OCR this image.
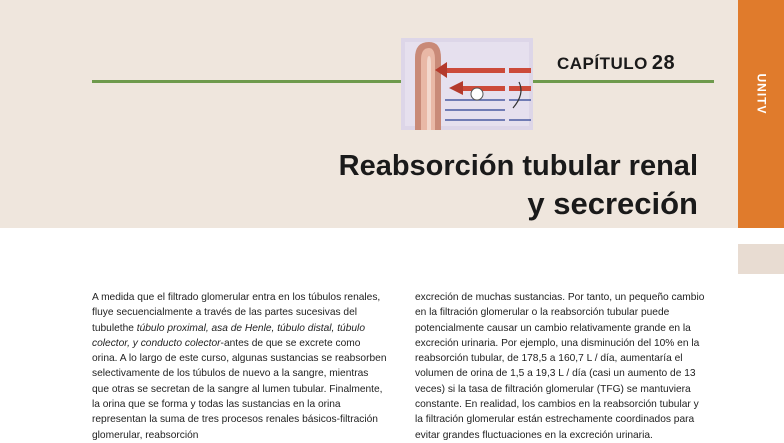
UNITV
CAPÍTULO 28
Reabsorción tubular renal
y secreción

A medida que el filtrado glomerular entra en los túbulos renales, fluye secuencialmente a través de las partes sucesivas del tubulethe túbulo proximal, asa de Henle, túbulo distal, túbulo colector, y conducto colector-antes de que se excrete como orina. A lo largo de este curso, algunas sustancias se reabsorben selectivamente de los túbulos de nuevo a la sangre, mientras que otras se secretan de la sangre al lumen tubular. Finalmente, la orina que se forma y todas las sustancias en la orina representan la suma de tres procesos renales básicos-filtración glomerular, reabsorción

excreción de muchas sustancias. Por tanto, un pequeño cambio en la filtración glomerular o la reabsorción tubular puede potencialmente causar un cambio relativamente grande en la excreción urinaria. Por ejemplo, una disminución del 10% en la reabsorción tubular, de 178,5 a 160,7 L / día, aumentaría el volumen de orina de 1,5 a 19,3 L / día (casi un aumento de 13 veces) si la tasa de filtración glomerular (TFG) se mantuviera constante. En realidad, los cambios en la reabsorción tubular y la filtración glomerular están estrechamente coordinados para evitar grandes fluctuaciones en la excreción urinaria.
